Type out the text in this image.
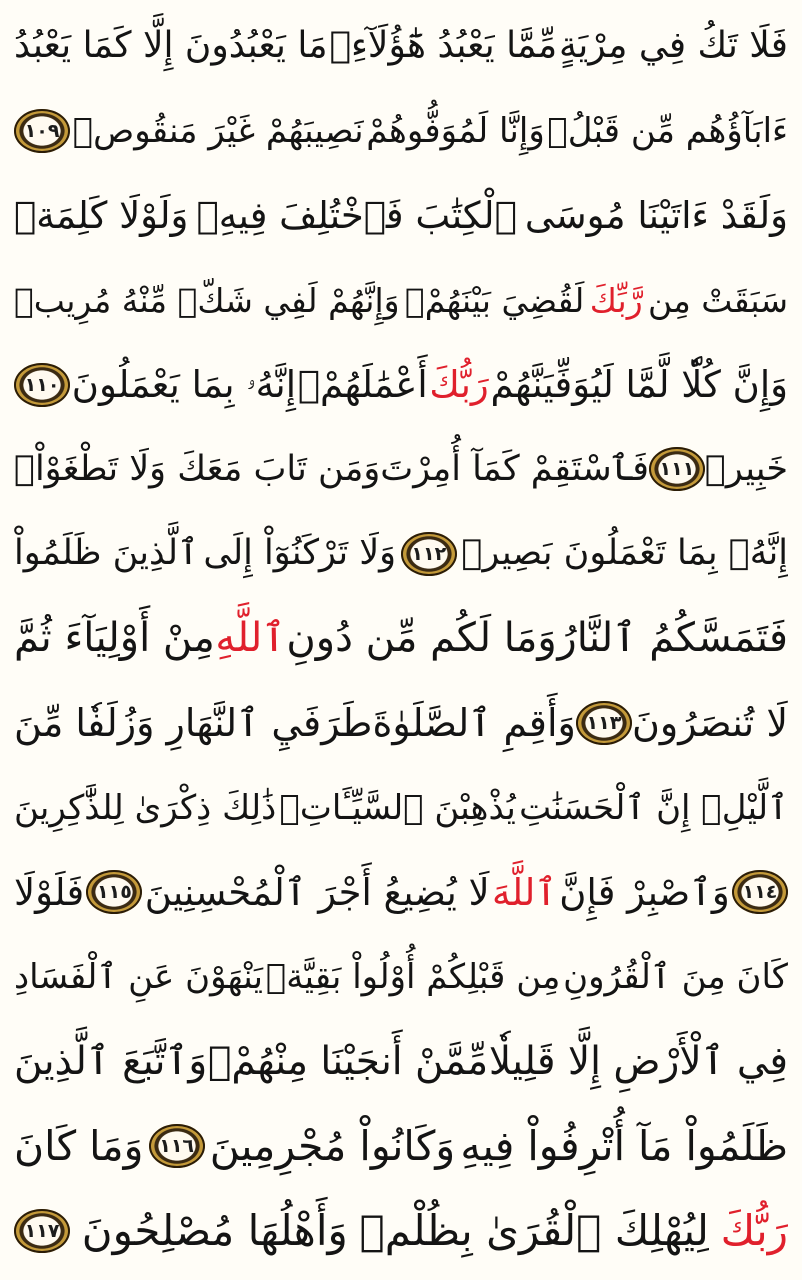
فَلَا تَكُ فِي مِرْيَةٍ
مِّمَّا يَعْبُدُ هَٰٓؤُلَآءِۚ
مَا يَعْبُدُونَ إِلَّا كَمَا يَعْبُدُ
ءَابَآؤُهُم مِّن قَبْلُۚ
وَإِنَّا لَمُوَفُّوهُمْ
نَصِيبَهُمْ غَيْرَ مَنقُوصٖ
١٠٩
وَلَقَدْ ءَاتَيْنَا مُوسَى
ٱلْكِتَٰبَ فَٱخْتُلِفَ فِيهِۚ
وَلَوْلَا كَلِمَةٞ
سَبَقَتْ مِن
رَّبِّكَ
لَقُضِيَ بَيْنَهُمْۚ
وَإِنَّهُمْ لَفِي شَكّٖ مِّنْهُ مُرِيبٖ
وَإِنَّ كُلّٗا لَّمَّا لَيُوَفِّيَنَّهُمْ
رَبُّكَ
أَعْمَٰلَهُمْۚ
إِنَّهُۥ بِمَا يَعْمَلُونَ
١١٠
خَبِيرٞ
١١١
فَٱسْتَقِمْ كَمَآ أُمِرْتَ
وَمَن تَابَ مَعَكَ وَلَا تَطْغَوْاْۚ
إِنَّهُۥ بِمَا تَعْمَلُونَ بَصِيرٞ
١١٢
وَلَا تَرْكَنُوٓاْ إِلَى
ٱلَّذِينَ ظَلَمُواْ
فَتَمَسَّكُمُ ٱلنَّارُ
وَمَا لَكُم مِّن دُونِ
ٱللَّهِ
مِنْ أَوْلِيَآءَ ثُمَّ
لَا تُنصَرُونَ
١١٣
وَأَقِمِ ٱلصَّلَوٰةَ
طَرَفَيِ ٱلنَّهَارِ وَزُلَفٗا مِّنَ
ٱلَّيْلِۚ إِنَّ ٱلْحَسَنَٰتِ
يُذْهِبْنَ ٱلسَّيِّـَٔاتِۚ
ذَٰلِكَ ذِكْرَىٰ لِلذَّٰكِرِينَ
١١٤
وَٱصْبِرْ فَإِنَّ
ٱللَّهَ
لَا يُضِيعُ أَجْرَ ٱلْمُحْسِنِينَ
١١٥
فَلَوْلَا
كَانَ مِنَ ٱلْقُرُونِ
مِن قَبْلِكُمْ أُوْلُواْ بَقِيَّةٖ
يَنْهَوْنَ عَنِ ٱلْفَسَادِ
فِي ٱلْأَرْضِ إِلَّا قَلِيلٗا
مِّمَّنْ أَنجَيْنَا مِنْهُمْۗ
وَٱتَّبَعَ ٱلَّذِينَ
ظَلَمُواْ مَآ أُتْرِفُواْ فِيهِ
وَكَانُواْ مُجْرِمِينَ
١١٦
وَمَا كَانَ
رَبُّكَ
لِيُهْلِكَ ٱلْقُرَىٰ بِظُلْمٖ
وَأَهْلُهَا مُصْلِحُونَ
١١٧
